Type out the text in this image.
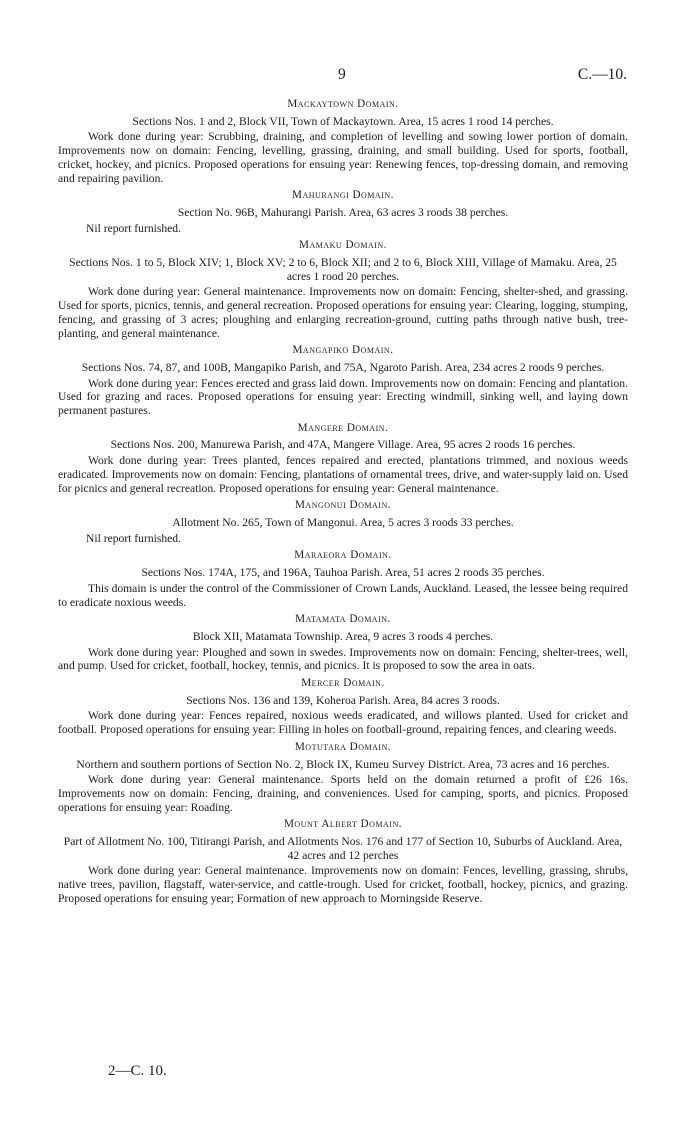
9	C.—10.
Mackaytown Domain.
Sections Nos. 1 and 2, Block VII, Town of Mackaytown. Area, 15 acres 1 rood 14 perches.

Work done during year: Scrubbing, draining, and completion of levelling and sowing lower portion of domain. Improvements now on domain: Fencing, levelling, grassing, draining, and small building. Used for sports, football, cricket, hockey, and picnics. Proposed operations for ensuing year: Renewing fences, top-dressing domain, and removing and repairing pavilion.

Mahurangi Domain.
Section No. 96B, Mahurangi Parish. Area, 63 acres 3 roods 38 perches.

Nil report furnished.

Mamaku Domain.
Sections Nos. 1 to 5, Block XIV; 1, Block XV; 2 to 6, Block XII; and 2 to 6, Block XIII, Village of Mamaku. Area, 25 acres 1 rood 20 perches.

Work done during year: General maintenance. Improvements now on domain: Fencing, shelter-shed, and grassing. Used for sports, picnics, tennis, and general recreation. Proposed operations for ensuing year: Clearing, logging, stumping, fencing, and grassing of 3 acres; ploughing and enlarging recreation-ground, cutting paths through native bush, tree-planting, and general maintenance.

Mangapiko Domain.
Sections Nos. 74, 87, and 100B, Mangapiko Parish, and 75A, Ngaroto Parish. Area, 234 acres 2 roods 9 perches.

Work done during year: Fences erected and grass laid down. Improvements now on domain: Fencing and plantation. Used for grazing and races. Proposed operations for ensuing year: Erecting windmill, sinking well, and laying down permanent pastures.

Mangere Domain.
Sections Nos. 200, Manurewa Parish, and 47A, Mangere Village. Area, 95 acres 2 roods 16 perches.

Work done during year: Trees planted, fences repaired and erected, plantations trimmed, and noxious weeds eradicated. Improvements now on domain: Fencing, plantations of ornamental trees, drive, and water-supply laid on. Used for picnics and general recreation. Proposed operations for ensuing year: General maintenance.

Mangonui Domain.
Allotment No. 265, Town of Mangonui. Area, 5 acres 3 roods 33 perches.

Nil report furnished.

Maraeora Domain.
Sections Nos. 174A, 175, and 196A, Tauhoa Parish. Area, 51 acres 2 roods 35 perches.

This domain is under the control of the Commissioner of Crown Lands, Auckland. Leased, the lessee being required to eradicate noxious weeds.

Matamata Domain.
Block XII, Matamata Township. Area, 9 acres 3 roods 4 perches.

Work done during year: Ploughed and sown in swedes. Improvements now on domain: Fencing, shelter-trees, well, and pump. Used for cricket, football, hockey, tennis, and picnics. It is proposed to sow the area in oats.

Mercer Domain.
Sections Nos. 136 and 139, Koheroa Parish. Area, 84 acres 3 roods.

Work done during year: Fences repaired, noxious weeds eradicated, and willows planted. Used for cricket and football. Proposed operations for ensuing year: Filling in holes on football-ground, repairing fences, and clearing weeds.

Motutara Domain.
Northern and southern portions of Section No. 2, Block IX, Kumeu Survey District. Area, 73 acres and 16 perches.

Work done during year: General maintenance. Sports held on the domain returned a profit of £26 16s. Improvements now on domain: Fencing, draining, and conveniences. Used for camping, sports, and picnics. Proposed operations for ensuing year: Roading.

Mount Albert Domain.
Part of Allotment No. 100, Titirangi Parish, and Allotments Nos. 176 and 177 of Section 10, Suburbs of Auckland. Area, 42 acres and 12 perches

Work done during year: General maintenance. Improvements now on domain: Fences, levelling, grassing, shrubs, native trees, pavilion, flagstaff, water-service, and cattle-trough. Used for cricket, football, hockey, picnics, and grazing. Proposed operations for ensuing year; Formation of new approach to Morningside Reserve.

2—C. 10.
